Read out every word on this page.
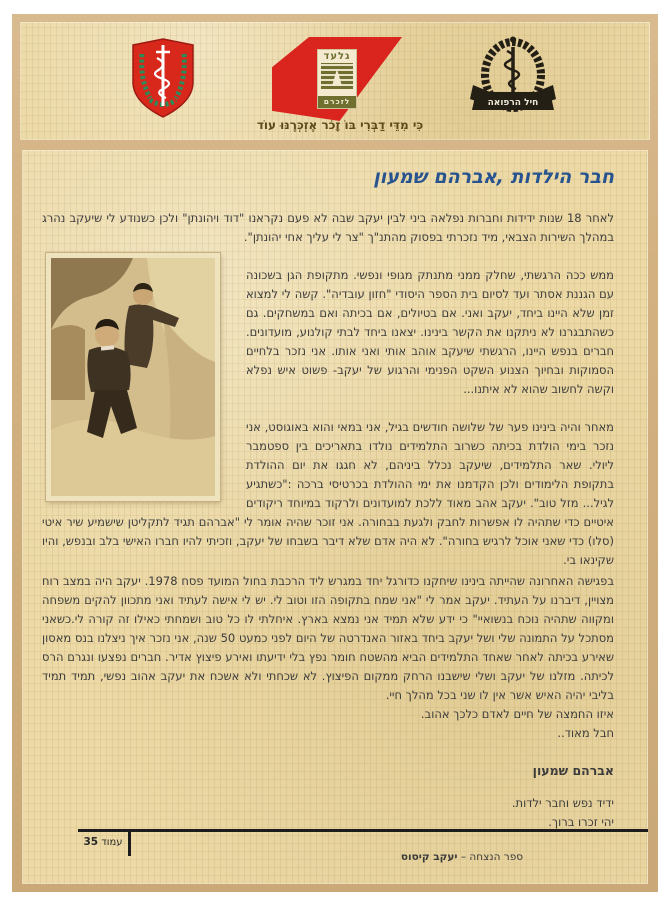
גלעד
לזכרם	חיל הרפואה
כִּי מִדֵּי דַבְּרִי בּוֹ זָכֹר אֶזְכְּרֶנּוּ עוֹד
חבר הילדות ,אברהם שמעון

לאחר 18 שנות ידידות וחברות נפלאה ביני לבין יעקב שבה לא פעם נקראנו "דוד ויהונתן" ולכן כשנודע לי שיעקב נהרג במהלך השירות הצבאי, מיד נזכרתי בפסוק מהתנ"ך "צר לי עליך אחי יהונתן".

ממש ככה הרגשתי, שחלק ממני מתנתק מגופי ונפשי. מתקופת הגן בשכונה עם הגננת אסתר ועד לסיום בית הספר היסודי "חזון עובדיה". קשה לי למצוא זמן שלא היינו ביחד, יעקב ואני. אם בטיולים, אם בכיתה ואם במשחקים. גם כשהתבגרנו לא ניתקנו את הקשר בינינו. יצאנו ביחד לבתי קולנוע, מועדונים. חברים בנפש היינו, הרגשתי שיעקב אוהב אותי ואני אותו. אני נזכר בלחיים הסמוקות ובחיוך הצנוע השקט הפנימי והרגוע של יעקב- פשוט איש נפלא וקשה לחשוב שהוא לא איתנו...

מאחר והיה בינינו פער של שלושה חודשים בגיל, אני במאי והוא באוגוסט, אני נזכר בימי הולדת בכיתה כשרוב התלמידים נולדו בתאריכים בין ספטמבר ליולי. שאר התלמידים, שיעקב נכלל ביניהם, לא חגגו את יום ההולדת בתקופת הלימודים ולכן הקדמנו את ימי ההולדת בכרטיסי ברכה :"כשתגיע לגיל... מזל טוב". יעקב אהב מאוד ללכת למועדונים ולרקוד במיוחד ריקודים איטיים כדי שתהיה לו אפשרות לחבק ולגעת בבחורה. אני זוכר שהיה אומר לי "אברהם תגיד לתקליטן שישמיע שיר איטי (סלו) כדי שאני אוכל לרגיש בחורה". לא היה אדם שלא דיבר בשבחו של יעקב, וזכיתי להיו חברו האישי בלב ובנפש, והיו שקינאו בי.

בפגישה האחרונה שהייתה בינינו שיחקנו כדורגל יחד במגרש ליד הרכבת בחול המועד פסח 1978. יעקב היה במצב רוח מצויין, דיברנו על העתיד. יעקב אמר לי "אני שמח בתקופה הזו וטוב לי. יש לי אישה לעתיד ואני מתכוון להקים משפחה ומקווה שתהיה נוכח בנשואיי" כי ידע שלא תמיד אני נמצא בארץ. איחלתי לו כל טוב ושמחתי כאילו זה קורה לי.כשאני מסתכל על התמונה שלי ושל יעקב ביחד באזור האנדרטה של היום לפני כמעט 50 שנה, אני נזכר איך ניצלנו בנס מאסון שאירע בכיתה לאחר שאחד התלמידים הביא מהשטח חומר נפץ בלי ידיעתו ואירע פיצוץ אדיר. חברים נפצעו ונגרם הרס לכיתה. מזלנו של יעקב ושלי שישבנו הרחק ממקום הפיצוץ. לא שכחתי ולא אשכח את יעקב אהוב נפשי, תמיד תמיד בליבי יהיה האיש אשר אין לו שני בכל מהלך חיי.

איזו החמצה של חיים לאדם כלכך אהוב.

חבל מאוד..

אברהם שמעון
ידיד נפש וחבר ילדות.
יהי זכרו ברוך.
עמוד 35
ספר הנצחה – יעקב קיסוס
